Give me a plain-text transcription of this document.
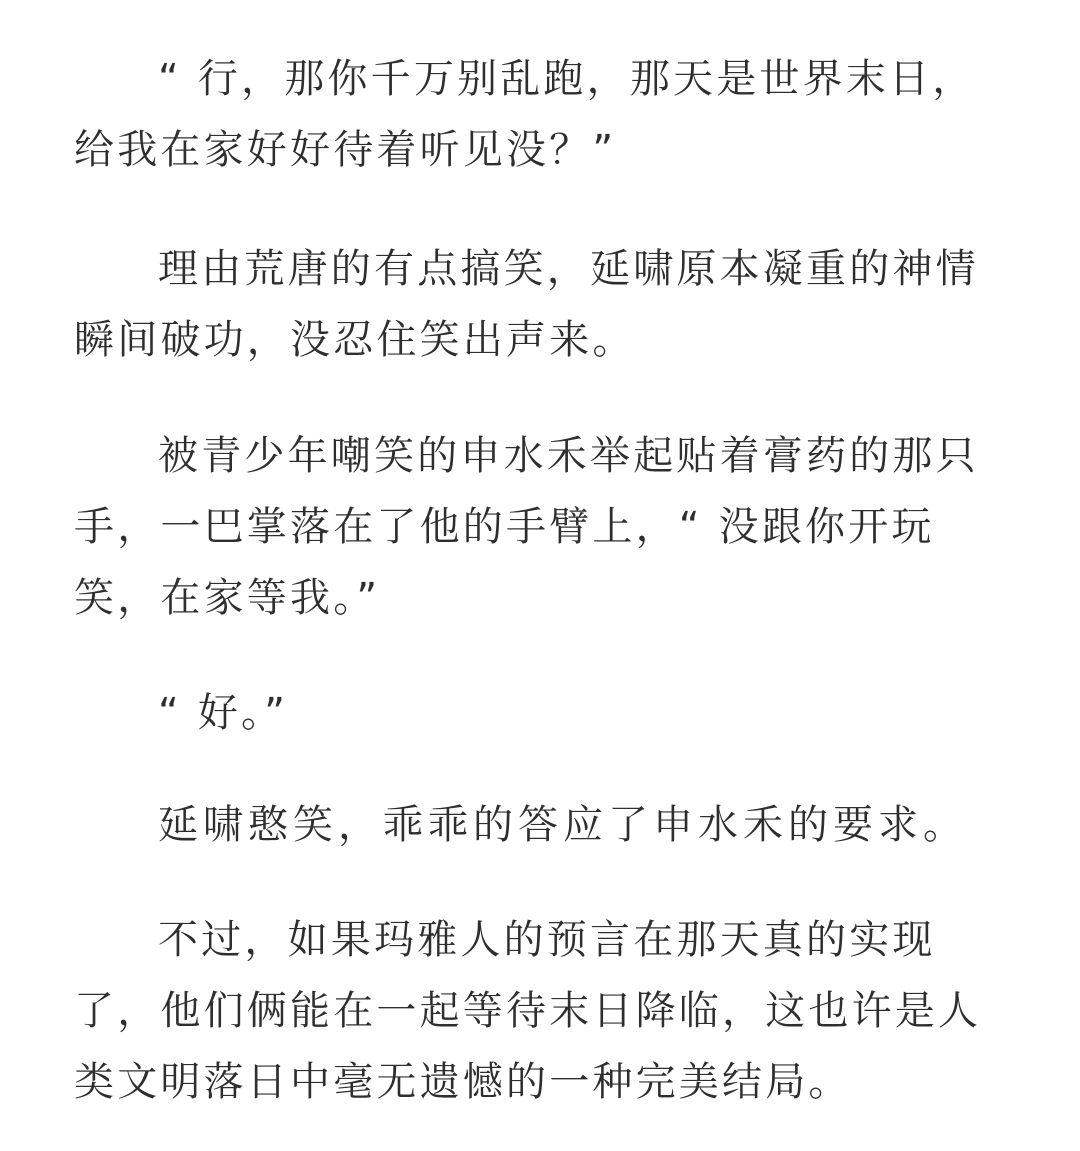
“ 行，那你千万别乱跑，那天是世界末日，给我在家好好待着听见没？”

理由荒唐的有点搞笑，延啸原本凝重的神情瞬间破功，没忍住笑出声来。

被青少年嘲笑的申水禾举起贴着膏药的那只手，一巴掌落在了他的手臂上，“ 没跟你开玩笑，在家等我。”

“ 好。”

延啸憨笑，乖乖的答应了申水禾的要求。

不过，如果玛雅人的预言在那天真的实现了，他们俩能在一起等待末日降临，这也许是人类文明落日中毫无遗憾的一种完美结局。
